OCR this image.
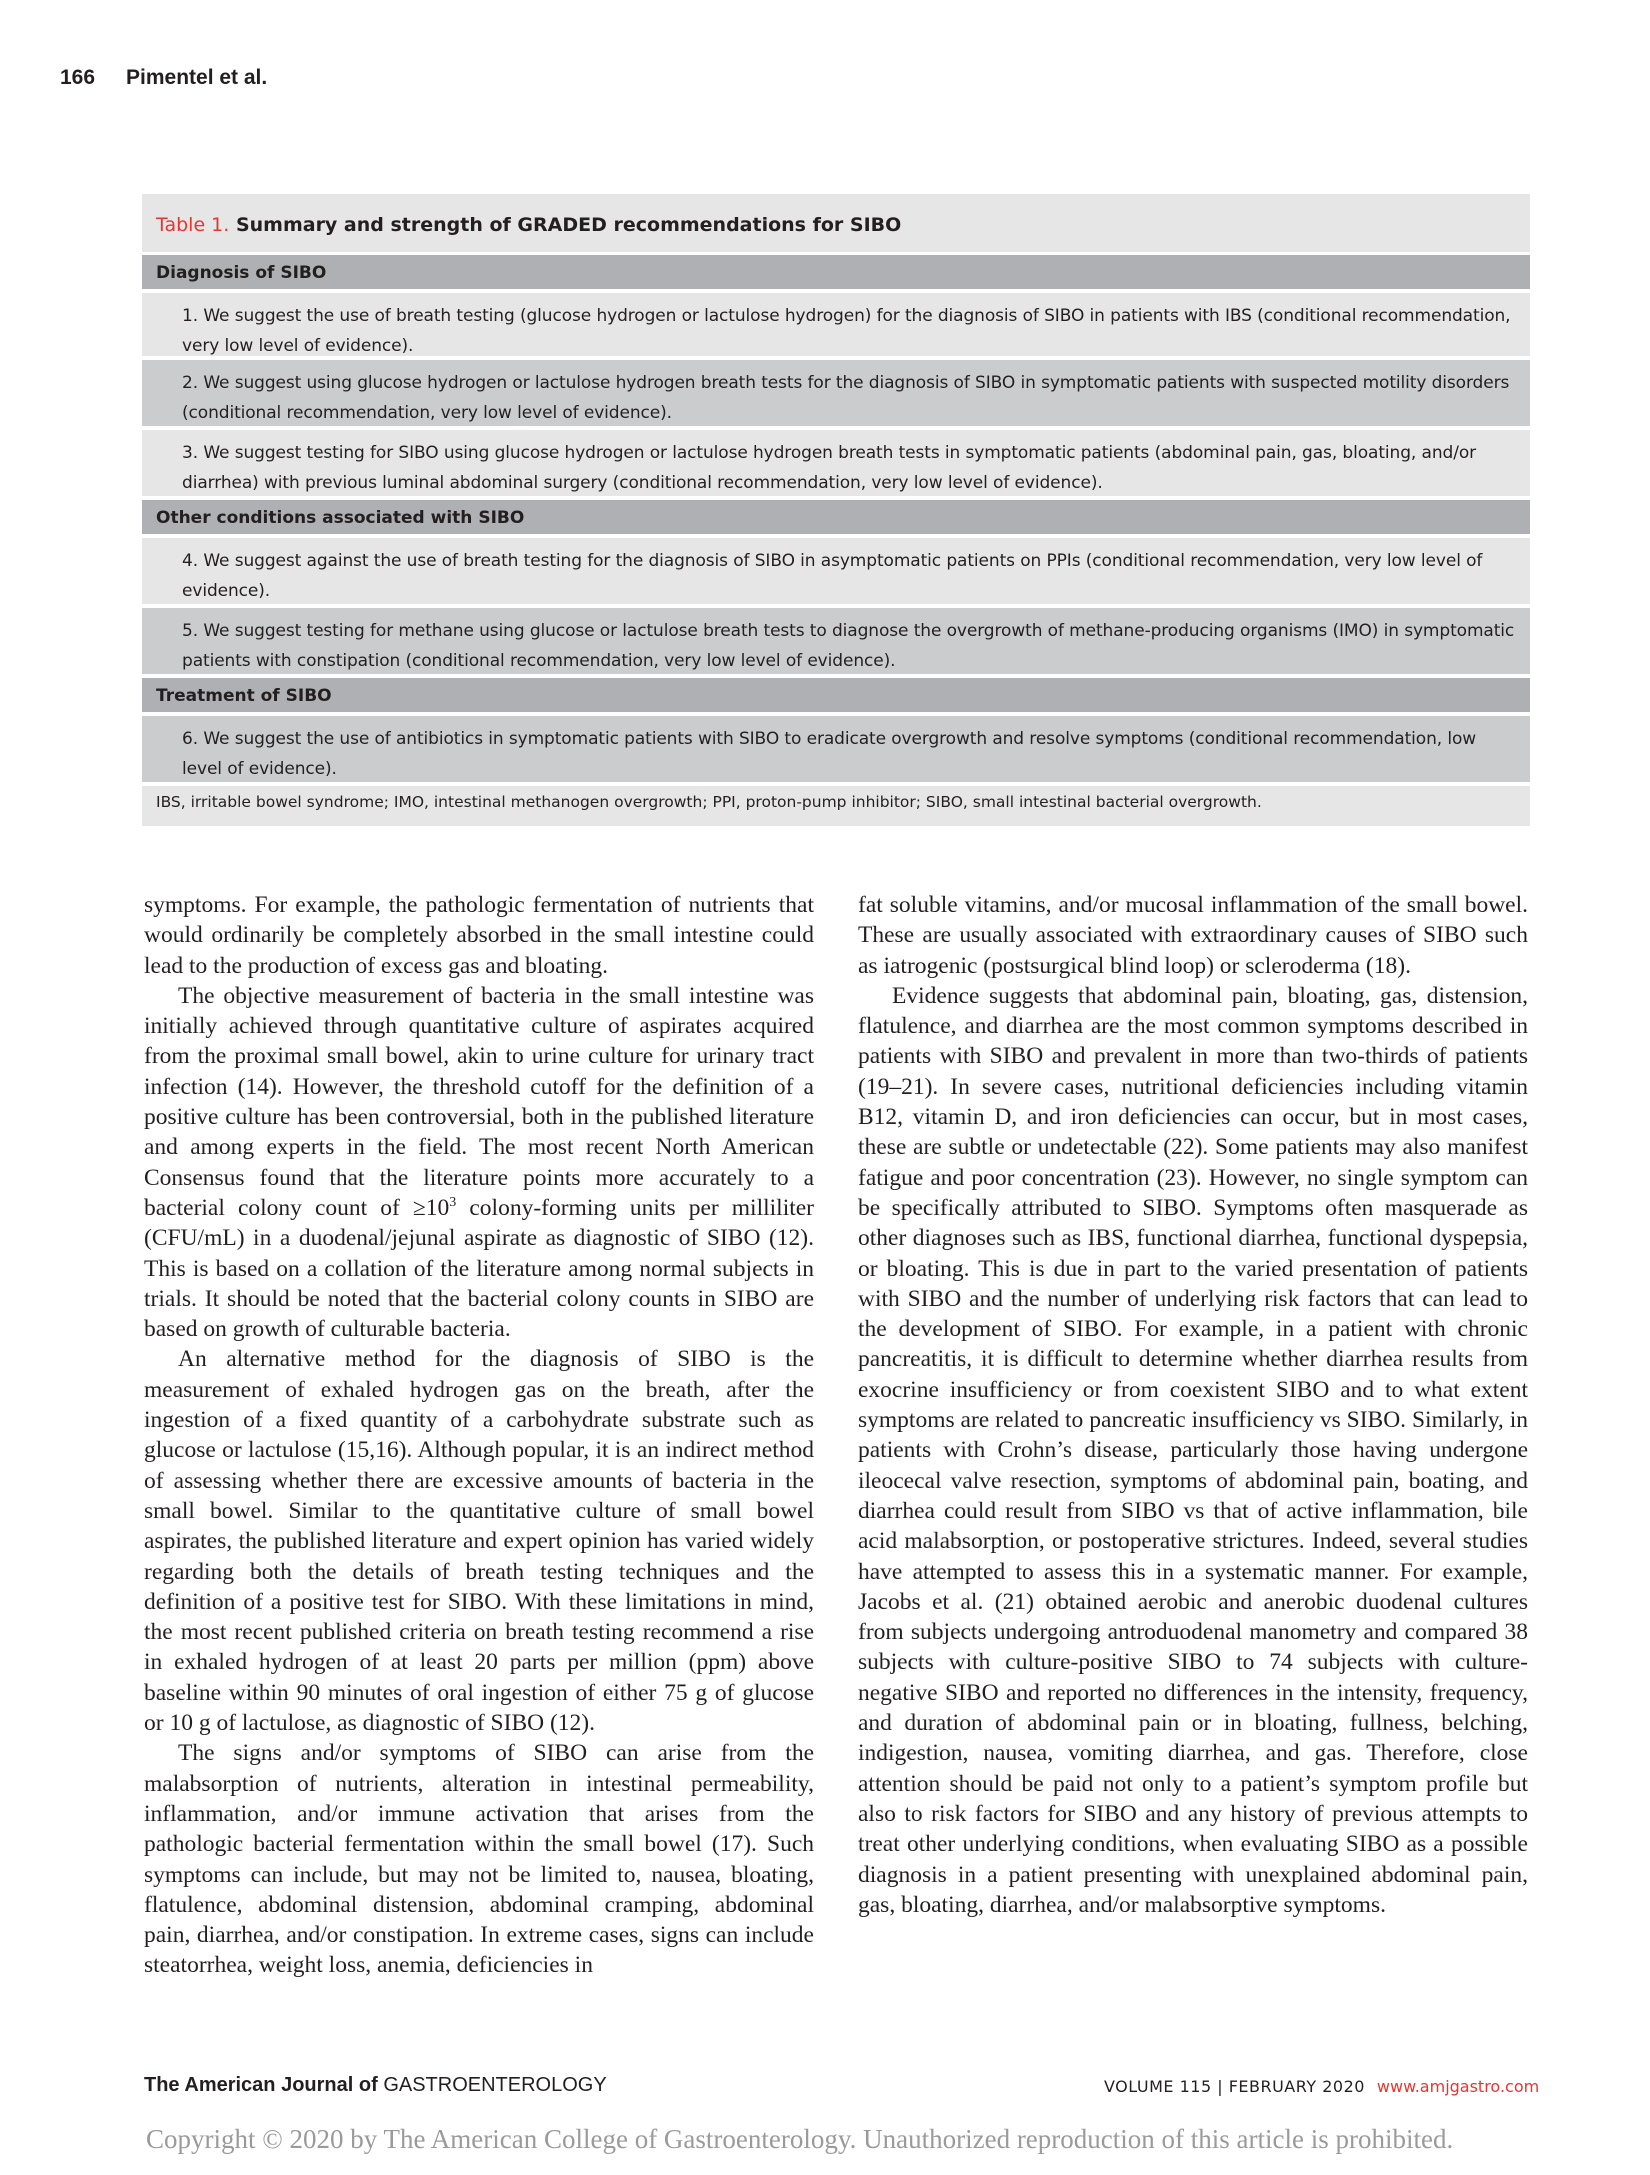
166 Pimentel et al.
Table 1. Summary and strength of GRADED recommendations for SIBO
Diagnosis of SIBO
1. We suggest the use of breath testing (glucose hydrogen or lactulose hydrogen) for the diagnosis of SIBO in patients with IBS (conditional recommendation, very low level of evidence).
2. We suggest using glucose hydrogen or lactulose hydrogen breath tests for the diagnosis of SIBO in symptomatic patients with suspected motility disorders (conditional recommendation, very low level of evidence).
3. We suggest testing for SIBO using glucose hydrogen or lactulose hydrogen breath tests in symptomatic patients (abdominal pain, gas, bloating, and/or diarrhea) with previous luminal abdominal surgery (conditional recommendation, very low level of evidence).
Other conditions associated with SIBO
4. We suggest against the use of breath testing for the diagnosis of SIBO in asymptomatic patients on PPIs (conditional recommendation, very low level of evidence).
5. We suggest testing for methane using glucose or lactulose breath tests to diagnose the overgrowth of methane-producing organisms (IMO) in symptomatic patients with constipation (conditional recommendation, very low level of evidence).
Treatment of SIBO
6. We suggest the use of antibiotics in symptomatic patients with SIBO to eradicate overgrowth and resolve symptoms (conditional recommendation, low level of evidence).
IBS, irritable bowel syndrome; IMO, intestinal methanogen overgrowth; PPI, proton-pump inhibitor; SIBO, small intestinal bacterial overgrowth.

symptoms. For example, the pathologic fermentation of nutrients that would ordinarily be completely absorbed in the small intestine could lead to the production of excess gas and bloating.

The objective measurement of bacteria in the small intestine was initially achieved through quantitative culture of aspirates acquired from the proximal small bowel, akin to urine culture for urinary tract infection (14). However, the threshold cutoff for the definition of a positive culture has been controversial, both in the published literature and among experts in the field. The most recent North American Consensus found that the literature points more accurately to a bacterial colony count of $\ge 10^3$ colony-forming units per milliliter (CFU/mL) in a duodenal/jejunal aspirate as diagnostic of SIBO (12). This is based on a collation of the literature among normal subjects in trials. It should be noted that the bacterial colony counts in SIBO are based on growth of culturable bacteria.

An alternative method for the diagnosis of SIBO is the measurement of exhaled hydrogen gas on the breath, after the ingestion of a fixed quantity of a carbohydrate substrate such as glucose or lactulose (15,16). Although popular, it is an indirect method of assessing whether there are excessive amounts of bacteria in the small bowel. Similar to the quantitative culture of small bowel aspirates, the published literature and expert opinion has varied widely regarding both the details of breath testing techniques and the definition of a positive test for SIBO. With these limitations in mind, the most recent published criteria on breath testing recommend a rise in exhaled hydrogen of at least 20 parts per million (ppm) above baseline within 90 minutes of oral ingestion of either 75 g of glucose or 10 g of lactulose, as diagnostic of SIBO (12).

The signs and/or symptoms of SIBO can arise from the malabsorption of nutrients, alteration in intestinal permeability, inflammation, and/or immune activation that arises from the pathologic bacterial fermentation within the small bowel (17). Such symptoms can include, but may not be limited to, nausea, bloating, flatulence, abdominal distension, abdominal cramping, abdominal pain, diarrhea, and/or constipation. In extreme cases, signs can include steatorrhea, weight loss, anemia, deficiencies in

fat soluble vitamins, and/or mucosal inflammation of the small bowel. These are usually associated with extraordinary causes of SIBO such as iatrogenic (postsurgical blind loop) or scleroderma (18).

Evidence suggests that abdominal pain, bloating, gas, distension, flatulence, and diarrhea are the most common symptoms described in patients with SIBO and prevalent in more than two-thirds of patients (19–21). In severe cases, nutritional deficiencies including vitamin B12, vitamin D, and iron deficiencies can occur, but in most cases, these are subtle or undetectable (22). Some patients may also manifest fatigue and poor concentration (23). However, no single symptom can be specifically attributed to SIBO. Symptoms often masquerade as other diagnoses such as IBS, functional diarrhea, functional dyspepsia, or bloating. This is due in part to the varied presentation of patients with SIBO and the number of underlying risk factors that can lead to the development of SIBO. For example, in a patient with chronic pancreatitis, it is difficult to determine whether diarrhea results from exocrine insufficiency or from coexistent SIBO and to what extent symptoms are related to pancreatic insufficiency vs SIBO. Similarly, in patients with Crohn’s disease, particularly those having undergone ileocecal valve resection, symptoms of abdominal pain, boating, and diarrhea could result from SIBO vs that of active inflammation, bile acid malabsorption, or postoperative strictures. Indeed, several studies have attempted to assess this in a systematic manner. For example, Jacobs et al. (21) obtained aerobic and anerobic duodenal cultures from subjects undergoing antroduodenal manometry and compared 38 subjects with culture-positive SIBO to 74 subjects with culture-negative SIBO and reported no differences in the intensity, frequency, and duration of abdominal pain or in bloating, fullness, belching, indigestion, nausea, vomiting diarrhea, and gas. Therefore, close attention should be paid not only to a patient’s symptom profile but also to risk factors for SIBO and any history of previous attempts to treat other underlying conditions, when evaluating SIBO as a possible diagnosis in a patient presenting with unexplained abdominal pain, gas, bloating, diarrhea, and/or malabsorptive symptoms.

The American Journal of GASTROENTEROLOGY	VOLUME 115 | FEBRUARY 2020 www.amjgastro.com
Copyright © 2020 by The American College of Gastroenterology. Unauthorized reproduction of this article is prohibited.
